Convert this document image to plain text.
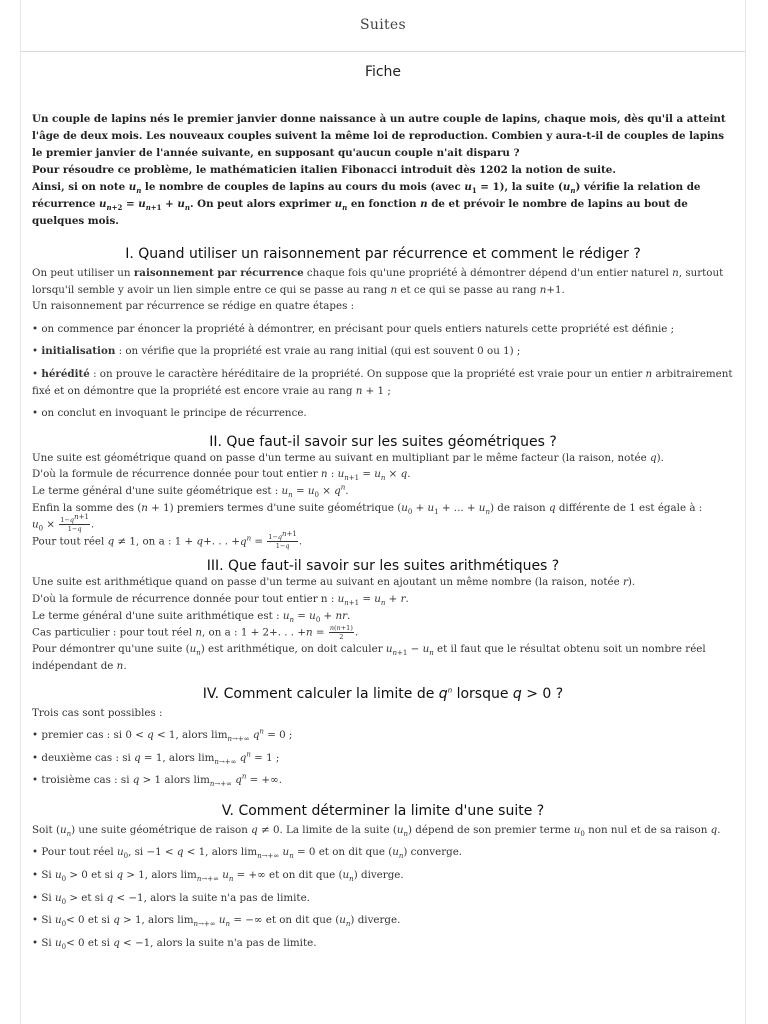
Suites
Fiche

Un couple de lapins nés le premier janvier donne naissance à un autre couple de lapins, chaque mois, dès qu'il a atteint l'âge de deux mois. Les nouveaux couples suivent la même loi de reproduction. Combien y aura-t-il de couples de lapins le premier janvier de l'année suivante, en supposant qu'aucun couple n'ait disparu ?

Pour résoudre ce problème, le mathématicien italien Fibonacci introduit dès 1202 la notion de suite.

Ainsi, si on note $u_n$ le nombre de couples de lapins au cours du mois (avec $u_1 = 1$), la suite $(u_n)$ vérifie la relation de récurrence $u_{n+2} = u_{n+1} + u_n$. On peut alors exprimer $u_n$ en fonction n de et prévoir le nombre de lapins au bout de quelques mois.

I. Quand utiliser un raisonnement par récurrence et comment le rédiger ?

On peut utiliser un raisonnement par récurrence chaque fois qu'une propriété à démontrer dépend d'un entier naturel n, surtout lorsqu'il semble y avoir un lien simple entre ce qui se passe au rang n et ce qui se passe au rang n+1.

Un raisonnement par récurrence se rédige en quatre étapes :

• on commence par énoncer la propriété à démontrer, en précisant pour quels entiers naturels cette propriété est définie ;

• initialisation : on vérifie que la propriété est vraie au rang initial (qui est souvent 0 ou 1) ;

• hérédité : on prouve le caractère héréditaire de la propriété. On suppose que la propriété est vraie pour un entier n arbitrairement fixé et on démontre que la propriété est encore vraie au rang n + 1 ;

• on conclut en invoquant le principe de récurrence.

II. Que faut-il savoir sur les suites géométriques ?

Une suite est géométrique quand on passe d'un terme au suivant en multipliant par le même facteur (la raison, notée q).

D'où la formule de récurrence donnée pour tout entier n : $u_{n+1} = u_n \times q$.

Le terme général d'une suite géométrique est : $u_n = u_0 \times q^n$.

Enfin la somme des (n + 1) premiers termes d'une suite géométrique ($u_0 + u_1$ + ... + $u_n$) de raison q différente de 1 est égale à :

$u_0 \times \frac{1-q^{n+1}}{1-q}$ .

Pour tout réel q ≠ 1, on a : 1 + q+. . . $+q^n = \frac{1-q^{n+1}}{1-q}$ .

III. Que faut-il savoir sur les suites arithmétiques ?

Une suite est arithmétique quand on passe d'un terme au suivant en ajoutant un même nombre (la raison, notée r).

D'où la formule de récurrence donnée pour tout entier n : $u_{n+1} = u_n + r$.

Le terme général d'une suite arithmétique est : $u_n = u_0$ + nr.

Cas particulier : pour tout réel n, on a : 1 + 2+. . . $+n = \frac{n(n+1)}{2}$ .

Pour démontrer qu'une suite $(u_n)$ est arithmétique, on doit calculer $u_{n+1} - u_n$ et il faut que le résultat obtenu soit un nombre réel indépendant de n.

IV. Comment calculer la limite de $q^n$ lorsque q > 0 ?

Trois cas sont possibles :

• premier cas : si 0 < q < 1, alors $\lim_{n\to+\infty} q^n = 0$ ;

• deuxième cas : si q = 1, alors $\lim_{n\to+\infty} q^n = 1$ ;

• troisième cas : si q > 1 alors $\lim_{n\to+\infty} q^n$ = +∞.

V. Comment déterminer la limite d'une suite ?

Soit $(u_n)$ une suite géométrique de raison q ≠ 0. La limite de la suite $(u_n)$ dépend de son premier terme $u_0$ non nul et de sa raison q.

• Pour tout réel $u_0$, si −1 < q < 1, alors $\lim_{n\to+\infty} u_n = 0$ et on dit que $(u_n)$ converge.

• Si $u_0 > 0$ et si q > 1, alors $\lim_{n\to+\infty} u_n$ = +∞ et on dit que $(u_n)$ diverge.

• Si $u_0$ > et si q < −1, alors la suite n'a pas de limite.

• Si $u_0< 0$ et si q > 1, alors $\lim_{n\to+\infty} u_n$ = −∞ et on dit que $(u_n)$ diverge.

• Si $u_0< 0$ et si q < −1, alors la suite n'a pas de limite.
